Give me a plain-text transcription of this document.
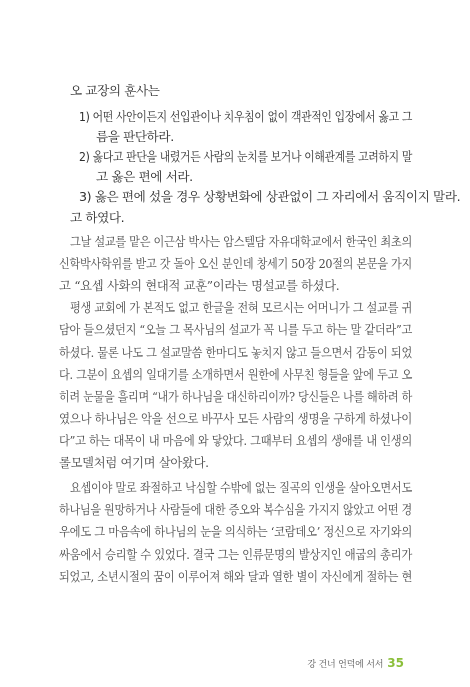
오 교장의 훈사는
1) 어떤 사안이든지 선입관이나 치우침이 없이 객관적인 입장에서 옳고 그
름을 판단하라.
2) 옳다고 판단을 내렸거든 사람의 눈치를 보거나 이해관계를 고려하지 말
고 옳은 편에 서라.
3) 옳은 편에 섰을 경우 상황변화에 상관없이 그 자리에서 움직이지 말라.
고 하였다.
그날 설교를 맡은 이근삼 박사는 암스텔담 자유대학교에서 한국인 최초의
신학박사학위를 받고 갓 돌아 오신 분인데 창세기 50장 20절의 본문을 가지
고 “요셉 사화의 현대적 교훈”이라는 명설교를 하셨다.
평생 교회에 가 본적도 없고 한글을 전혀 모르시는 어머니가 그 설교를 귀
담아 들으셨던지 “오늘 그 목사님의 설교가 꼭 니를 두고 하는 말 같더라”고
하셨다. 물론 나도 그 설교말씀 한마디도 놓치지 않고 들으면서 감동이 되었
다. 그분이 요셉의 일대기를 소개하면서 원한에 사무친 형들을 앞에 두고 오
히려 눈물을 흘리며 “내가 하나님을 대신하리이까? 당신들은 나를 해하려 하
였으나 하나님은 악을 선으로 바꾸사 모든 사람의 생명을 구하게 하셨나이
다”고 하는 대목이 내 마음에 와 닿았다. 그때부터 요셉의 생애를 내 인생의
롤모델처럼 여기며 살아왔다.
요셉이야 말로 좌절하고 낙심할 수밖에 없는 질곡의 인생을 살아오면서도
하나님을 원망하거나 사람들에 대한 증오와 복수심을 가지지 않았고 어떤 경
우에도 그 마음속에 하나님의 눈을 의식하는 ‘코람데오’ 정신으로 자기와의
싸움에서 승리할 수 있었다. 결국 그는 인류문명의 발상지인 애굽의 총리가
되었고, 소년시절의 꿈이 이루어져 해와 달과 열한 별이 자신에게 절하는 현
강 건너 언덕에 서서 35
